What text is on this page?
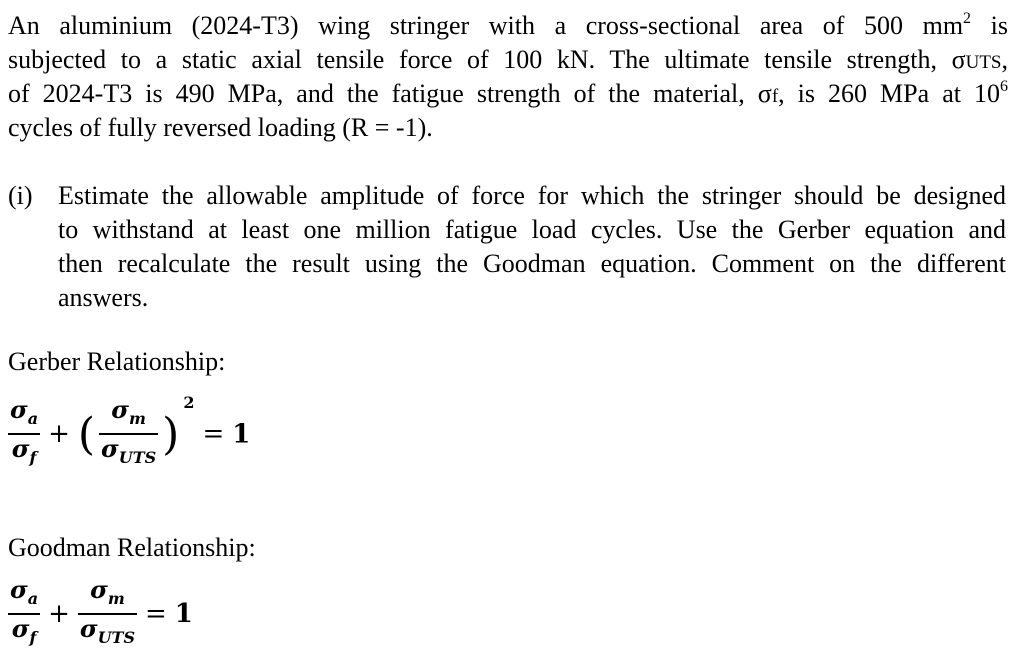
An aluminium (2024-T3) wing stringer with a cross-sectional area of 500 $mm^2$ is
subjected to a static axial tensile force of 100 kN. The ultimate tensile strength, σUTS,
of 2024-T3 is 490 MPa, and the fatigue strength of the material, σf, is 260 MPa at $10^6$
cycles of fully reversed loading (R = -1).
(i) Estimate the allowable amplitude of force for which the stringer should be designed
to withstand at least one million fatigue load cycles. Use the Gerber equation and
then recalculate the result using the Goodman equation. Comment on the different
answers.
Gerber Relationship:
$\frac{\sigma_a}{\sigma_f}$ + ( $\frac{\sigma_m}{\sigma_{UTS}}$ ) 2 = 1
Goodman Relationship:
$\frac{\sigma_a}{\sigma_f} + \frac{\sigma_m}{\sigma_{UTS}} = 1$
